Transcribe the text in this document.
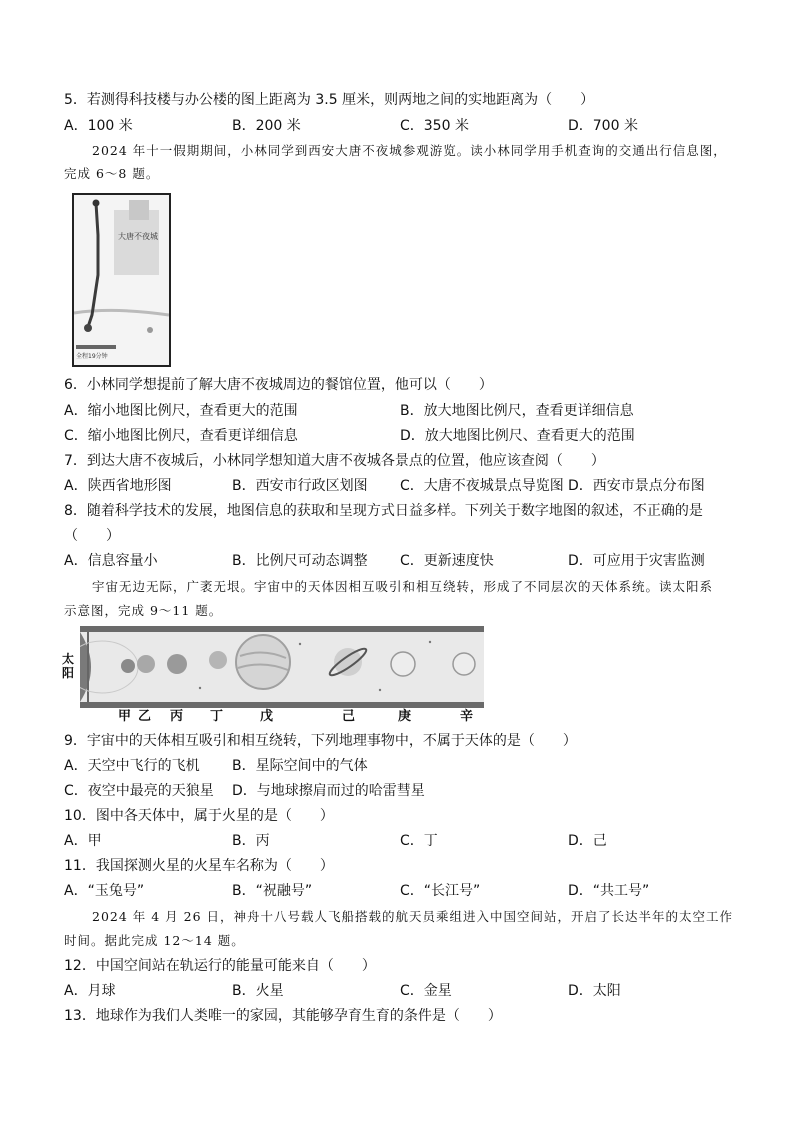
5．若测得科技楼与办公楼的图上距离为 3.5 厘米，则两地之间的实地距离为（　　）
A．100 米	B．200 米	C．350 米	D．700 米
2024 年十一假期期间，小林同学到西安大唐不夜城参观游览。读小林同学用手机查询的交通出行信息图，
完成 6～8 题。
大唐不夜城
全程19分钟
6．小林同学想提前了解大唐不夜城周边的餐馆位置，他可以（　　）
A．缩小地图比例尺，查看更大的范围	B．放大地图比例尺，查看更详细信息
C．缩小地图比例尺，查看更详细信息	D．放大地图比例尺、查看更大的范围
7．到达大唐不夜城后，小林同学想知道大唐不夜城各景点的位置，他应该查阅（　　）
A．陕西省地形图	B．西安市行政区划图 C．大唐不夜城景点导览图 D．西安市景点分布图
8．随着科学技术的发展，地图信息的获取和呈现方式日益多样。下列关于数字地图的叙述，不正确的是
（　　）
A．信息容量小	B．比例尺可动态调整 C．更新速度快	D．可应用于灾害监测
宇宙无边无际，广袤无垠。宇宙中的天体因相互吸引和相互绕转，形成了不同层次的天体系统。读太阳系
示意图，完成 9～11 题。
太阳
甲 乙 丙 丁	戊	己	庚	辛
9．宇宙中的天体相互吸引和相互绕转，下列地理事物中，不属于天体的是（　　）
A．天空中飞行的飞机 B．星际空间中的气体
C．夜空中最亮的天狼星 D．与地球擦肩而过的哈雷彗星
10．图中各天体中，属于火星的是（　　）
A．甲	B．丙	C．丁	D．己
11．我国探测火星的火星车名称为（　　）
A．“玉兔号”	B．“祝融号”	C．“长江号”	D．“共工号”
2024 年 4 月 26 日，神舟十八号载人飞船搭载的航天员乘组进入中国空间站，开启了长达半年的太空工作
时间。据此完成 12～14 题。
12．中国空间站在轨运行的能量可能来自（　　）
A．月球	B．火星	C．金星	D．太阳
13．地球作为我们人类唯一的家园，其能够孕育生育的条件是（　　）
